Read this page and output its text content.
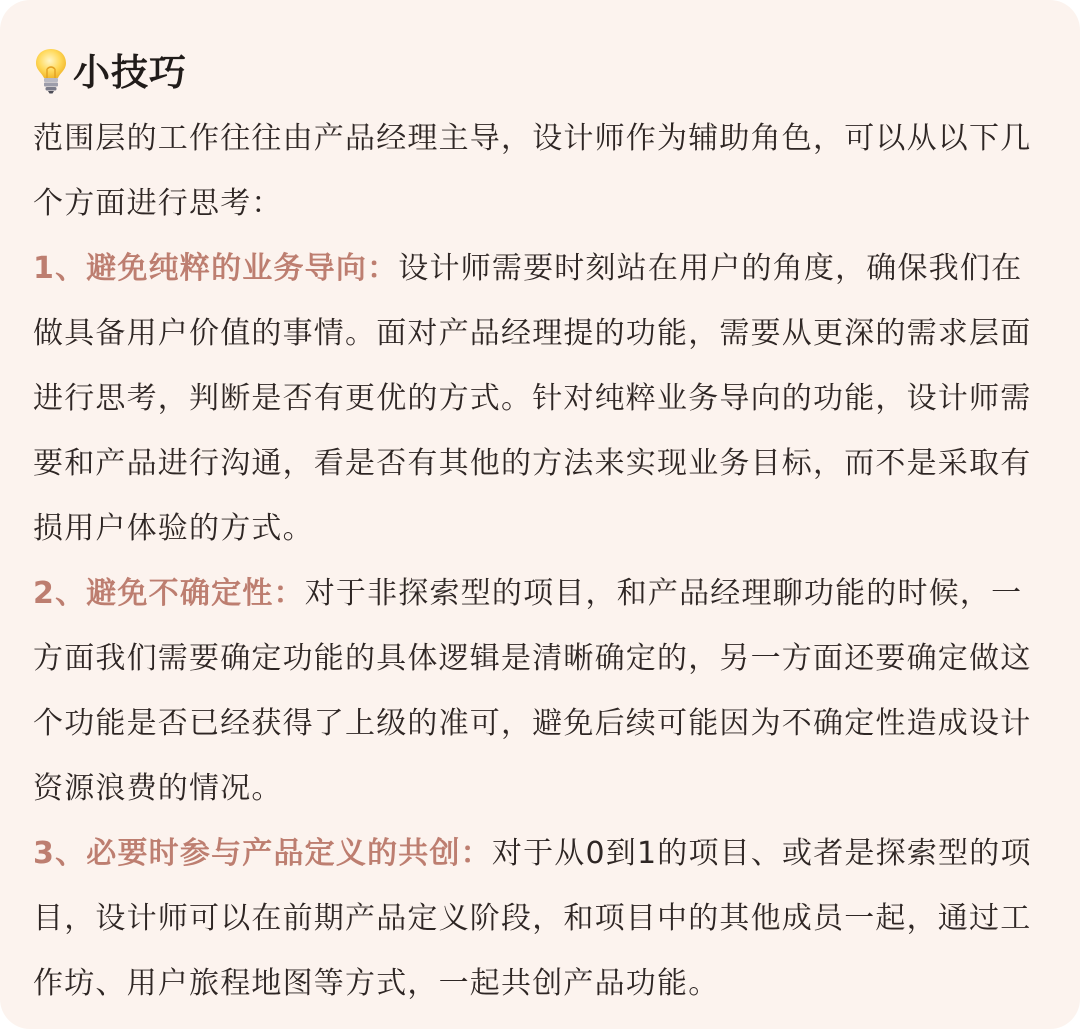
小技巧

范围层的工作往往由产品经理主导，设计师作为辅助角色，可以从以下几个方面进行思考：

1、避免纯粹的业务导向：设计师需要时刻站在用户的角度，确保我们在做具备用户价值的事情。面对产品经理提的功能，需要从更深的需求层面进行思考，判断是否有更优的方式。针对纯粹业务导向的功能，设计师需要和产品进行沟通，看是否有其他的方法来实现业务目标，而不是采取有损用户体验的方式。

2、避免不确定性：对于非探索型的项目，和产品经理聊功能的时候，一方面我们需要确定功能的具体逻辑是清晰确定的，另一方面还要确定做这个功能是否已经获得了上级的准可，避免后续可能因为不确定性造成设计资源浪费的情况。

3、必要时参与产品定义的共创：对于从0到1的项目、或者是探索型的项目，设计师可以在前期产品定义阶段，和项目中的其他成员一起，通过工作坊、用户旅程地图等方式，一起共创产品功能。
